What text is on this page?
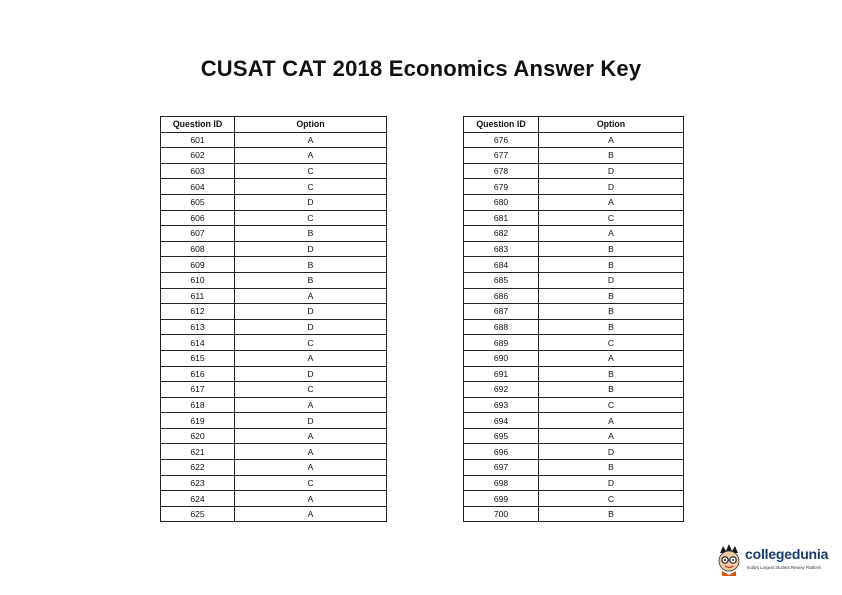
CUSAT CAT 2018 Economics Answer Key
Question ID	Option
601	A
602	A
603	C
604	C
605	D
606	C
607	B
608	D
609	B
610	B
611	A
612	D
613	D
614	C
615	A
616	D
617	C
618	A
619	D
620	A
621	A
622	A
623	C
624	A
625	A
Question ID	Option
676	A
677	B
678	D
679	D
680	A
681	C
682	A
683	B
684	B
685	D
686	B
687	B
688	B
689	C
690	A
691	B
692	B
693	C
694	A
695	A
696	D
697	B
698	D
699	C
700	B
collegedunia
India's Largest Student Review Platform
